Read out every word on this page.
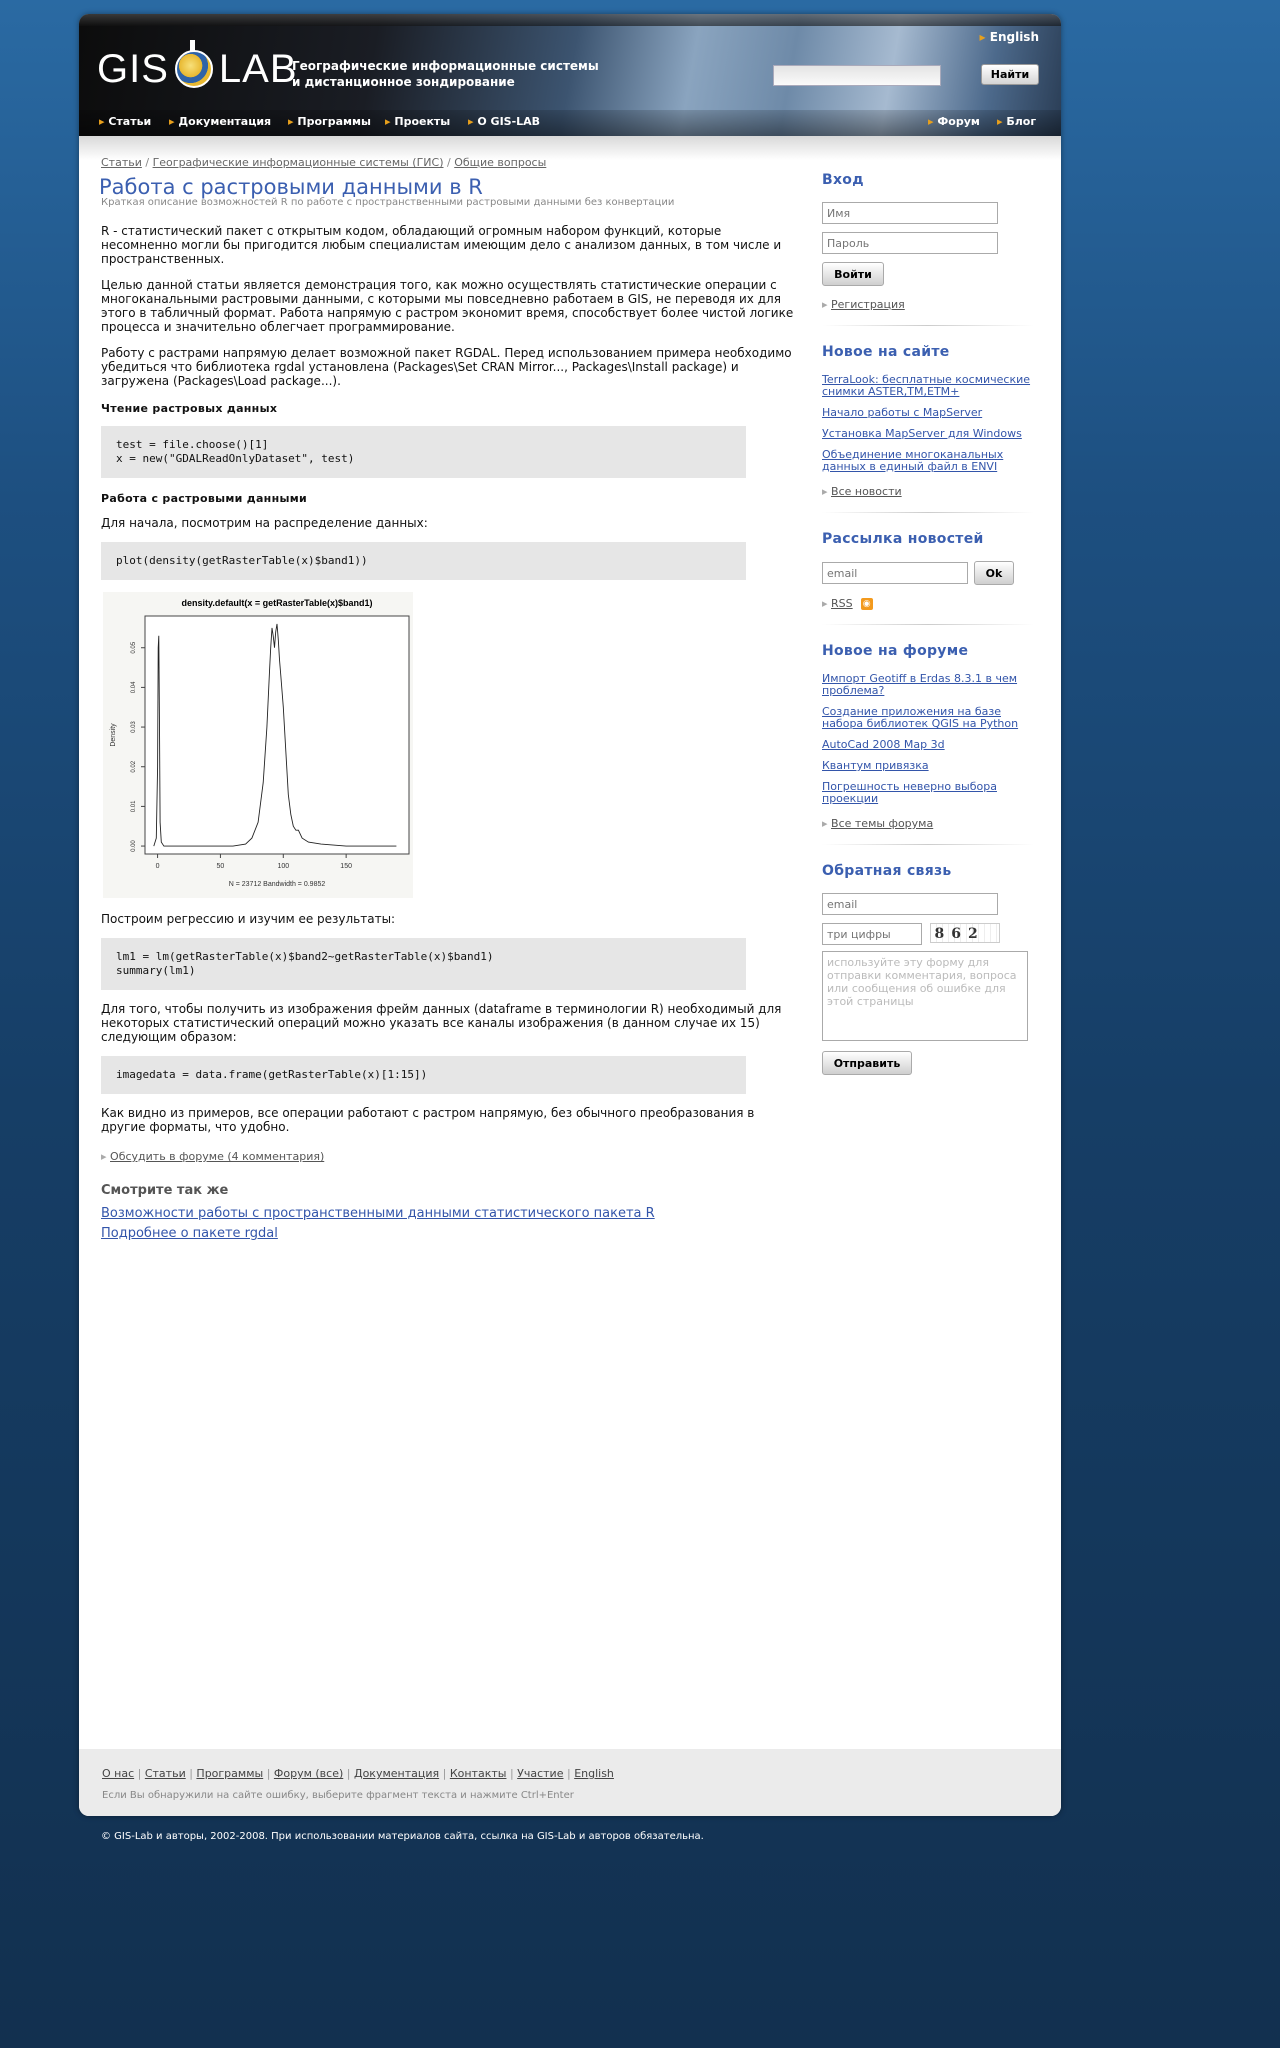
GIS LAB
Географические информационные системы
и дистанционное зондирование
▸ English
Найти
▸ Статьи	▸ Документация	▸ Программы	▸ Проекты	▸ O GIS-LAB	▸ Форум	▸ Блог
Статьи / Географические информационные системы (ГИС) / Общие вопросы
Работа с растровыми данными в R
Краткая описание возможностей R по работе с пространственными растровыми данными без конвертации

R - статистический пакет с открытым кодом, обладающий огромным набором функций, которые несомненно могли бы пригодится любым специалистам имеющим дело с анализом данных, в том числе и пространственных.

Целью данной статьи является демонстрация того, как можно осуществлять статистические операции с многоканальными растровыми данными, с которыми мы повседневно работаем в GIS, не переводя их для этого в табличный формат. Работа напрямую с растром экономит время, способствует более чистой логике процесса и значительно облегчает программирование.

Работу с растрами напрямую делает возможной пакет RGDAL. Перед использованием примера необходимо убедиться что библиотека rgdal установлена (Packages\Set CRAN Mirror..., Packages\Install package) и загружена (Packages\Load package...).

Чтение растровых данных
test = file.choose()[1]
x = new("GDALReadOnlyDataset", test)
Работа с растровыми данными

Для начала, посмотрим на распределение данных:

plot(density(getRasterTable(x)$band1))
density.default(x = getRasterTable(x)$band1)
N = 23712 Bandwidth = 0.9852
Density
0	50	100	150
0.00
0.01
0.02
0.03
0.04
0.05

Построим регрессию и изучим ее результаты:

lm1 = lm(getRasterTable(x)$band2~getRasterTable(x)$band1)
summary(lm1)

Для того, чтобы получить из изображения фрейм данных (dataframe в терминологии R) необходимый для некоторых статистический операций можно указать все каналы изображения (в данном случае их 15) следующим образом:

imagedata = data.frame(getRasterTable(x)[1:15])

Как видно из примеров, все операции работают с растром напрямую, без обычного преобразования в другие форматы, что удобно.

▸ Обсудить в форуме (4 комментария)
Смотрите так же
Возможности работы с пространственными данными статистического пакета R
Подробнее о пакете rgdal
Вход
Имя
Войти
▸ Регистрация
Новое на сайте
TerraLook: бесплатные космические снимки ASTER,TM,ETM+
Начало работы с MapServer
Установка MapServer для Windows
Объединение многоканальных данных в единый файл в ENVI
▸ Все новости
Рассылка новостей
email
Ok
▸ RSS ◉
Новое на форуме
Импорт Geotiff в Erdas 8.3.1 в чем проблема?
Создание приложения на базе набора библиотек QGIS на Python
AutoCad 2008 Map 3d
Квантум привязка
Погрешность неверно выбора проекции
▸ Все темы форума
Обратная связь
email
три цифры 862
используйте эту форму для отправки комментария, вопроса или сообщения об ошибке для этой страницы
Отправить
О нас | Статьи | Программы | Форум (все) | Документация | Контакты | Участие | English
Если Вы обнаружили на сайте ошибку, выберите фрагмент текста и нажмите Ctrl+Enter
© GIS-Lab и авторы, 2002-2008. При использовании материалов сайта, ссылка на GIS-Lab и авторов обязательна.
